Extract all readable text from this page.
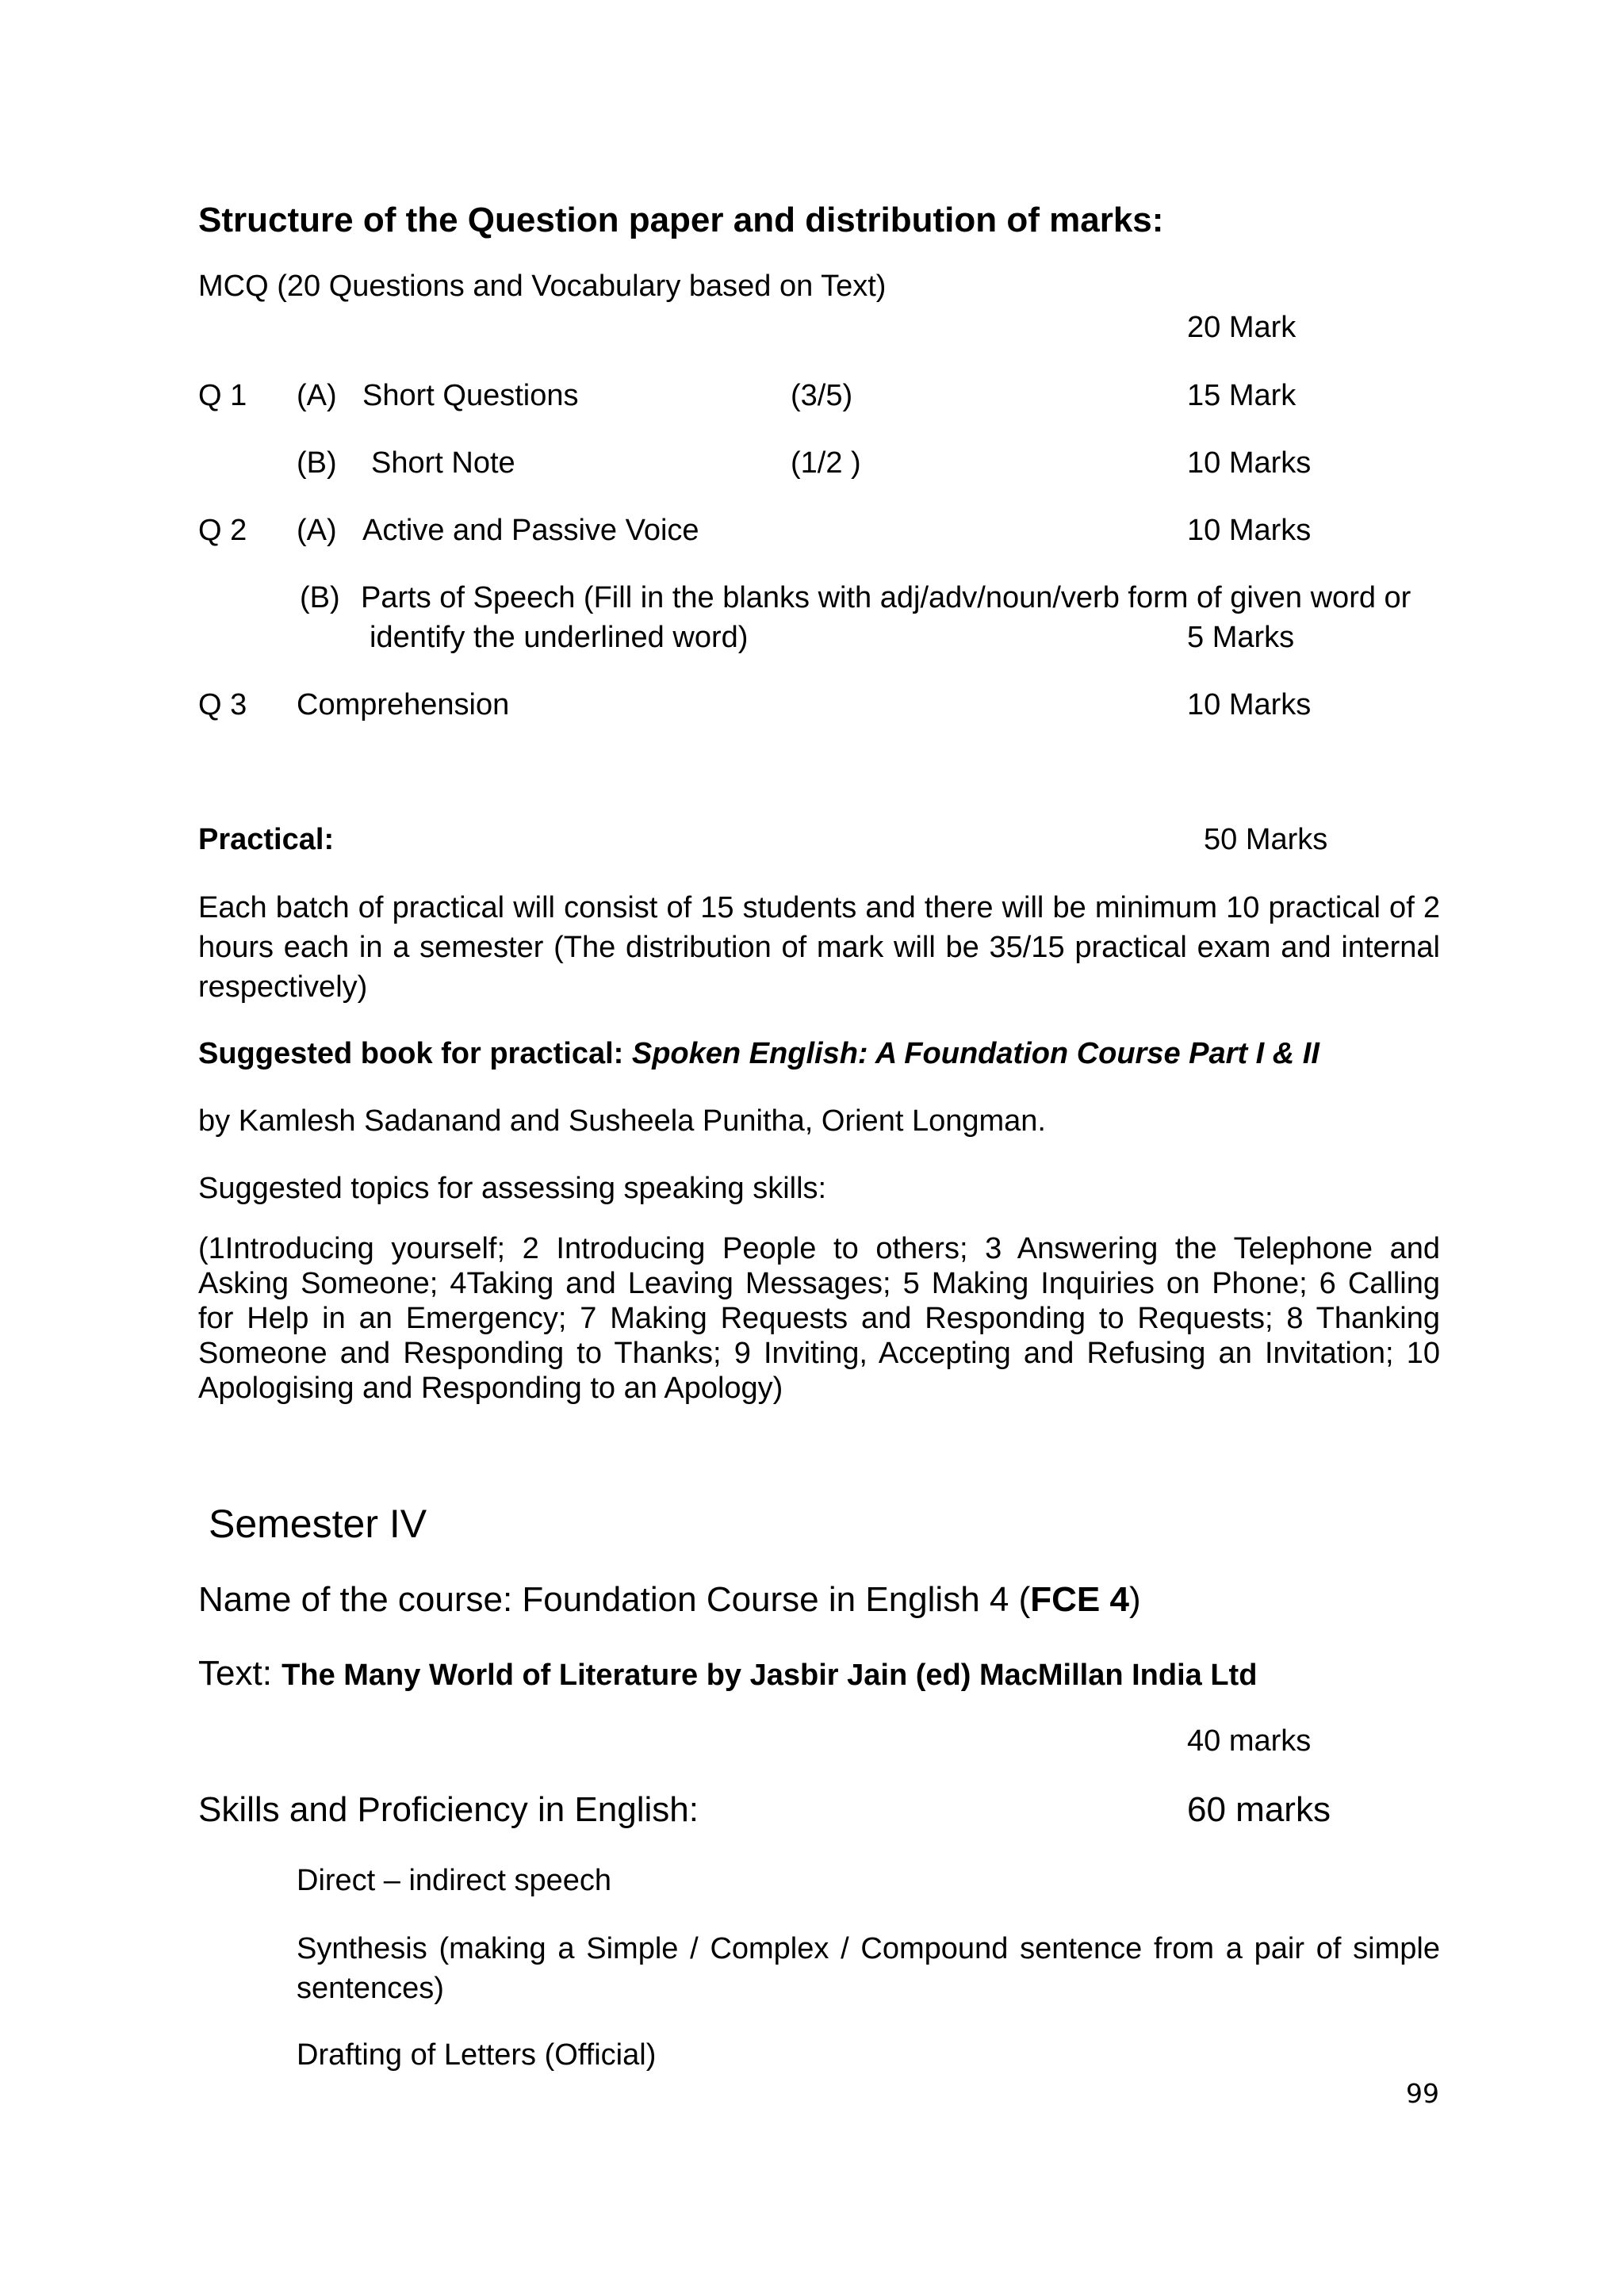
Structure of the Question paper and distribution of marks:
MCQ (20 Questions and Vocabulary based on Text)
20 Mark
Q 1 (A) Short Questions	(3/5)	15 Mark
(B) Short Note	(1/2 )	10 Marks
Q 2 (A) Active and Passive Voice	10 Marks
(B) Parts of Speech (Fill in the blanks with adj/adv/noun/verb form of given word or
identify the underlined word)	5 Marks
Q 3 Comprehension	10 Marks
Practical:	50 Marks
Each batch of practical will consist of 15 students and there will be minimum 10 practical of 2 hours each in a semester (The distribution of mark will be 35/15 practical exam and internal respectively)
Suggested book for practical: Spoken English: A Foundation Course Part I & II
by Kamlesh Sadanand and Susheela Punitha, Orient Longman.
Suggested topics for assessing speaking skills:
(1Introducing yourself; 2 Introducing People to others; 3 Answering the Telephone and Asking Someone; 4Taking and Leaving Messages; 5 Making Inquiries on Phone; 6 Calling for Help in an Emergency; 7 Making Requests and Responding to Requests; 8 Thanking Someone and Responding to Thanks; 9 Inviting, Accepting and Refusing an Invitation; 10 Apologising and Responding to an Apology)
Semester IV
Name of the course: Foundation Course in English 4 (FCE 4)
Text: The Many World of Literature by Jasbir Jain (ed) MacMillan India Ltd
40 marks
Skills and Proficiency in English:	60 marks
Direct – indirect speech
Synthesis (making a Simple / Complex / Compound sentence from a pair of simple sentences)
Drafting of Letters (Official)
99
